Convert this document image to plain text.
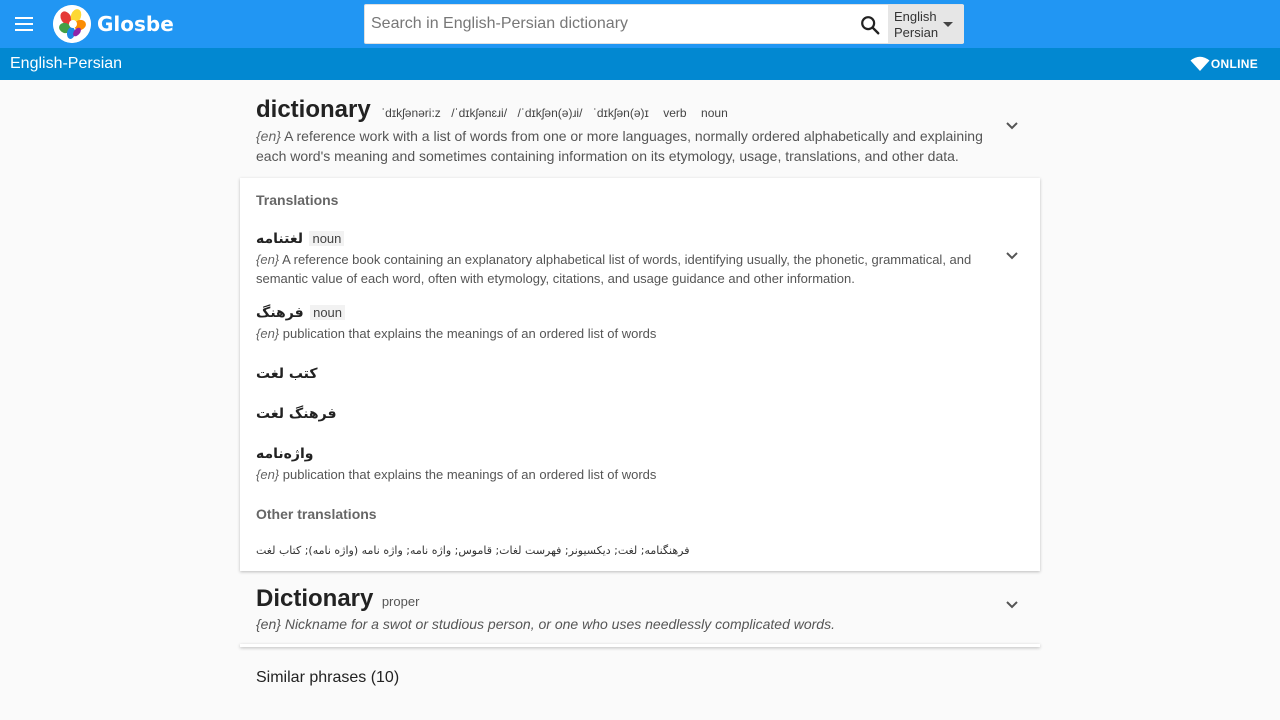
Glosbe
Search in English-Persian dictionary	English
Persian
English-Persian	ONLINE
dictionary ˈdɪkʃənəri:z /ˈdɪkʃənɛɹi/ /ˈdɪkʃən(ə)ɹi/ ˈdɪkʃən(ə)ɪ verb noun
{en} A reference work with a list of words from one or more languages, normally ordered alphabetically and explaining each word's meaning and sometimes containing information on its etymology, usage, translations, and other data.
Translations
لغتنامه noun
{en} A reference book containing an explanatory alphabetical list of words, identifying usually, the phonetic, grammatical, and semantic value of each word, often with etymology, citations, and usage guidance and other information.
فرهنگ noun
{en} publication that explains the meanings of an ordered list of words
کتب لغت
فرهنگ لغت
واژه‌نامه
{en} publication that explains the meanings of an ordered list of words
Other translations
فرهنگنامه; لغت; دیکسیونر; فهرست لغات; قاموس; واژه نامه; واژه نامه (واژه نامه); کتاب لغت
Dictionary proper
{en} Nickname for a swot or studious person, or one who uses needlessly complicated words.
Similar phrases (10)
